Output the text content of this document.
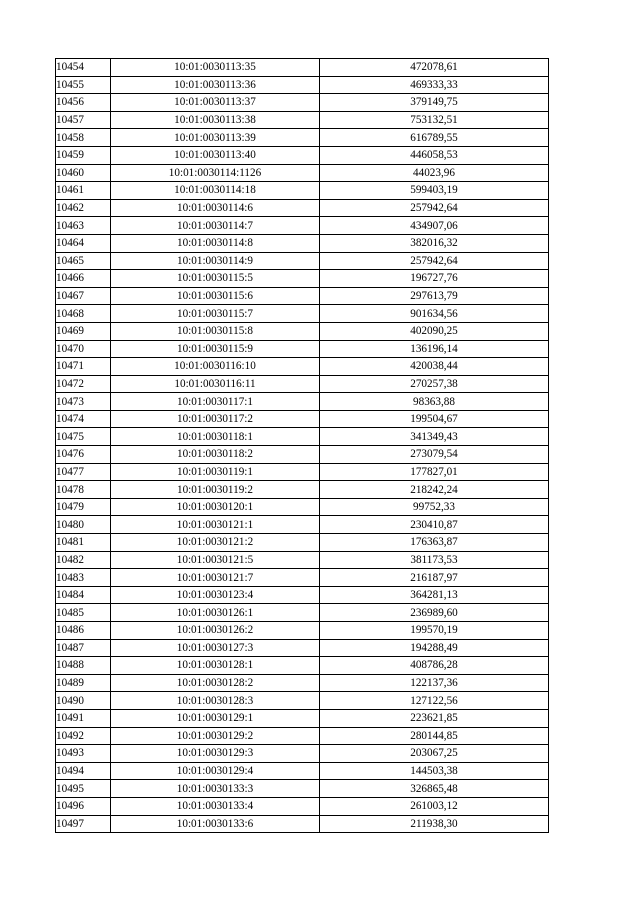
10454	10:01:0030113:35	472078,61
10455	10:01:0030113:36	469333,33
10456	10:01:0030113:37	379149,75
10457	10:01:0030113:38	753132,51
10458	10:01:0030113:39	616789,55
10459	10:01:0030113:40	446058,53
10460	10:01:0030114:1126	44023,96
10461	10:01:0030114:18	599403,19
10462	10:01:0030114:6	257942,64
10463	10:01:0030114:7	434907,06
10464	10:01:0030114:8	382016,32
10465	10:01:0030114:9	257942,64
10466	10:01:0030115:5	196727,76
10467	10:01:0030115:6	297613,79
10468	10:01:0030115:7	901634,56
10469	10:01:0030115:8	402090,25
10470	10:01:0030115:9	136196,14
10471	10:01:0030116:10	420038,44
10472	10:01:0030116:11	270257,38
10473	10:01:0030117:1	98363,88
10474	10:01:0030117:2	199504,67
10475	10:01:0030118:1	341349,43
10476	10:01:0030118:2	273079,54
10477	10:01:0030119:1	177827,01
10478	10:01:0030119:2	218242,24
10479	10:01:0030120:1	99752,33
10480	10:01:0030121:1	230410,87
10481	10:01:0030121:2	176363,87
10482	10:01:0030121:5	381173,53
10483	10:01:0030121:7	216187,97
10484	10:01:0030123:4	364281,13
10485	10:01:0030126:1	236989,60
10486	10:01:0030126:2	199570,19
10487	10:01:0030127:3	194288,49
10488	10:01:0030128:1	408786,28
10489	10:01:0030128:2	122137,36
10490	10:01:0030128:3	127122,56
10491	10:01:0030129:1	223621,85
10492	10:01:0030129:2	280144,85
10493	10:01:0030129:3	203067,25
10494	10:01:0030129:4	144503,38
10495	10:01:0030133:3	326865,48
10496	10:01:0030133:4	261003,12
10497	10:01:0030133:6	211938,30
